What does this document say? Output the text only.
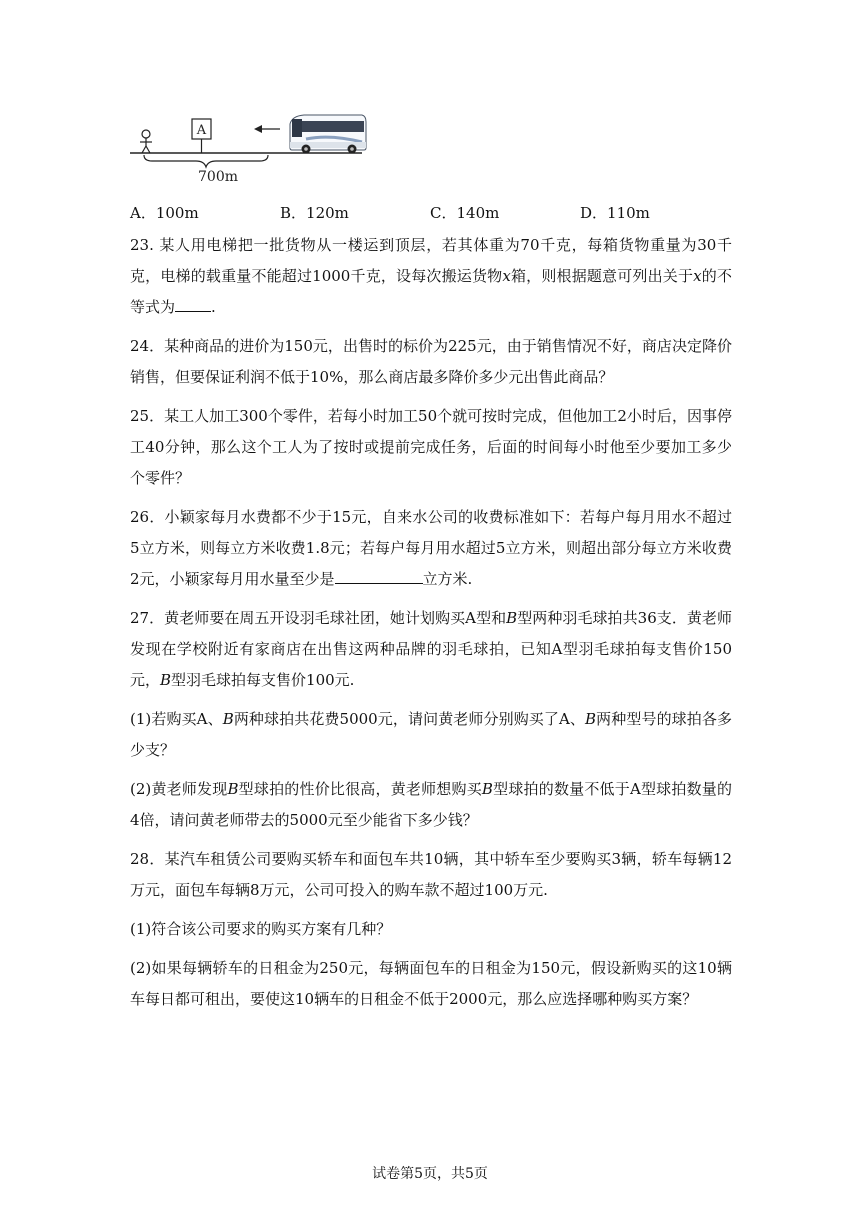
A
700m
A．100m	B．120m	C．140m	D．110m

23. 某人用电梯把一批货物从一楼运到顶层，若其体重为70千克，每箱货物重量为30千克，电梯的载重量不能超过1000千克，设每次搬运货物x箱，则根据题意可列出关于x的不等式为 .

24．某种商品的进价为150元，出售时的标价为225元，由于销售情况不好，商店决定降价销售，但要保证利润不低于10%，那么商店最多降价多少元出售此商品？

25．某工人加工300个零件，若每小时加工50个就可按时完成，但他加工2小时后，因事停工40分钟，那么这个工人为了按时或提前完成任务，后面的时间每小时他至少要加工多少个零件？

26．小颖家每月水费都不少于15元，自来水公司的收费标准如下：若每户每月用水不超过5立方米，则每立方米收费1.8元；若每户每月用水超过5立方米，则超出部分每立方米收费2元，小颖家每月用水量至少是	立方米.

27．黄老师要在周五开设羽毛球社团，她计划购买A型和B型两种羽毛球拍共36支．黄老师发现在学校附近有家商店在出售这两种品牌的羽毛球拍，已知A型羽毛球拍每支售价150元，B型羽毛球拍每支售价100元.

(1)若购买A、B两种球拍共花费5000元，请问黄老师分别购买了A、B两种型号的球拍各多少支？

(2)黄老师发现B型球拍的性价比很高，黄老师想购买B型球拍的数量不低于A型球拍数量的4倍，请问黄老师带去的5000元至少能省下多少钱？

28．某汽车租赁公司要购买轿车和面包车共10辆，其中轿车至少要购买3辆，轿车每辆12万元，面包车每辆8万元，公司可投入的购车款不超过100万元.

(1)符合该公司要求的购买方案有几种？

(2)如果每辆轿车的日租金为250元，每辆面包车的日租金为150元，假设新购买的这10辆车每日都可租出，要使这10辆车的日租金不低于2000元，那么应选择哪种购买方案？

试卷第5页，共5页
